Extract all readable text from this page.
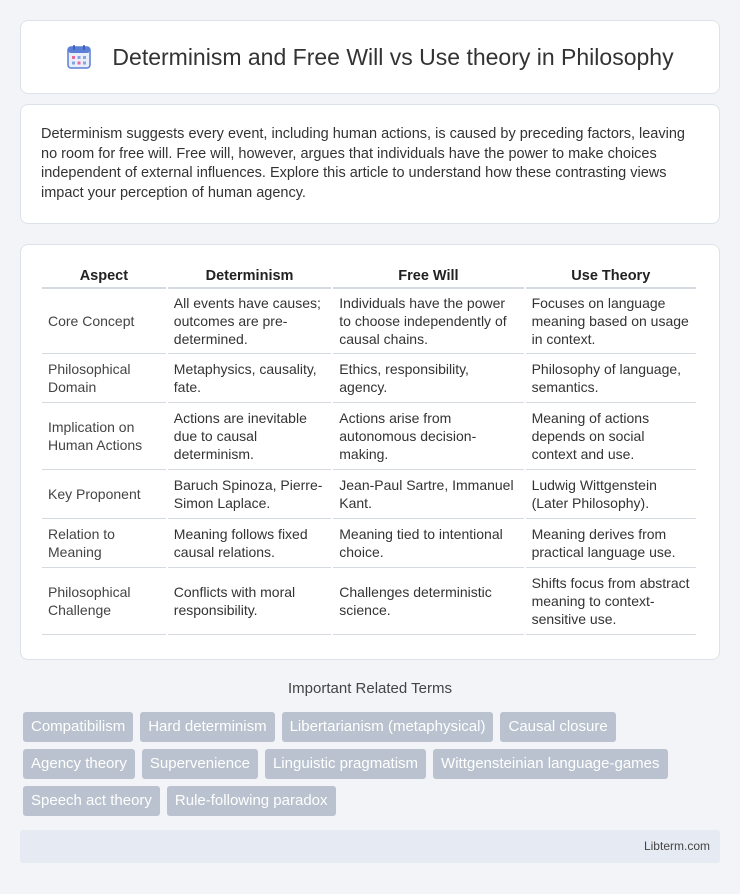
Determinism and Free Will vs Use theory in Philosophy

Determinism suggests every event, including human actions, is caused by preceding factors, leaving no room for free will. Free will, however, argues that individuals have the power to make choices independent of external influences. Explore this article to understand how these contrasting views impact your perception of human agency.

Aspect	Determinism	Free Will	Use Theory
Core Concept	All events have causes; outcomes are pre-determined.	Individuals have the power to choose independently of causal chains.	Focuses on language meaning based on usage in context.
Philosophical Domain	Metaphysics, causality, fate.	Ethics, responsibility, agency.	Philosophy of language, semantics.
Implication on Human Actions	Actions are inevitable due to causal determinism.	Actions arise from autonomous decision-making.	Meaning of actions depends on social context and use.
Key Proponent	Baruch Spinoza, Pierre-Simon Laplace.	Jean-Paul Sartre, Immanuel Kant.	Ludwig Wittgenstein (Later Philosophy).
Relation to Meaning	Meaning follows fixed causal relations.	Meaning tied to intentional choice.	Meaning derives from practical language use.
Philosophical Challenge	Conflicts with moral responsibility.	Challenges deterministic science.	Shifts focus from abstract meaning to context-sensitive use.
Important Related Terms
Compatibilism	Hard determinism	Libertarianism (metaphysical)	Causal closure
Agency theory	Supervenience	Linguistic pragmatism	Wittgensteinian language-games
Speech act theory	Rule-following paradox
Libterm.com
